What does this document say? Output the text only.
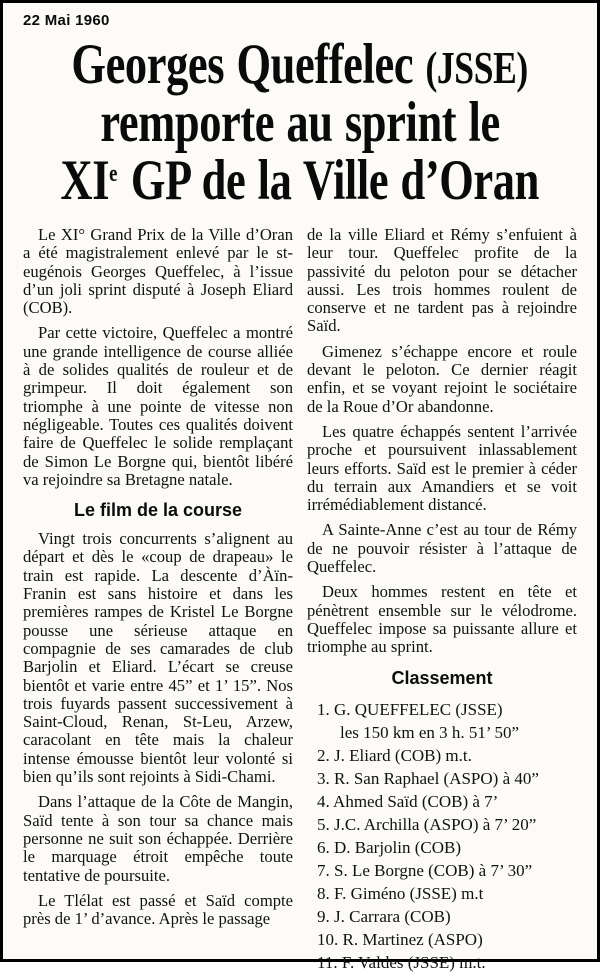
22 Mai 1960
Georges Queffelec (JSSE)
remporte au sprint le
XIe GP de la Ville d’Oran

Le XI° Grand Prix de la Ville d’Oran a été magistralement enlevé par le st-eugénois Georges Queffelec, à l’issue d’un joli sprint disputé à Joseph Eliard (COB).

Par cette victoire, Queffelec a montré une grande intelligence de course alliée à de solides qualités de rouleur et de grimpeur. Il doit également son triomphe à une pointe de vitesse non négligeable. Toutes ces qualités doivent faire de Queffelec le solide remplaçant de Simon Le Borgne qui, bientôt libéré va rejoindre sa Bretagne natale.

Le film de la course

Vingt trois concurrents s’alignent au départ et dès le «coup de drapeau» le train est rapide. La descente d’Àïn-Franin est sans histoire et dans les premières rampes de Kristel Le Borgne pousse une sérieuse attaque en compagnie de ses camarades de club Barjolin et Eliard. L’écart se creuse bientôt et varie entre 45” et 1’ 15”. Nos trois fuyards passent successivement à Saint-Cloud, Renan, St-Leu, Arzew, caracolant en tête mais la chaleur intense émousse bientôt leur volonté si bien qu’ils sont rejoints à Sidi-Chami.

Dans l’attaque de la Côte de Mangin, Saïd tente à son tour sa chance mais personne ne suit son échappée. Derrière le marquage étroit empêche toute tentative de poursuite.

Le Tlélat est passé et Saïd compte près de 1’ d’avance. Après le passage

de la ville Eliard et Rémy s’enfuient à leur tour. Queffelec profite de la passivité du peloton pour se détacher aussi. Les trois hommes roulent de conserve et ne tardent pas à rejoindre Saïd.

Gimenez s’échappe encore et roule devant le peloton. Ce dernier réagit enfin, et se voyant rejoint le sociétaire de la Roue d’Or abandonne.

Les quatre échappés sentent l’arrivée proche et poursuivent inlassablement leurs efforts. Saïd est le premier à céder du terrain aux Amandiers et se voit irrémédiablement distancé.

A Sainte-Anne c’est au tour de Rémy de ne pouvoir résister à l’attaque de Queffelec.

Deux hommes restent en tête et pénètrent ensemble sur le vélodrome. Queffelec impose sa puissante allure et triomphe au sprint.

Classement
1. G. QUEFFELEC (JSSE)
les 150 km en 3 h. 51’ 50”
2. J. Eliard (COB) m.t.
3. R. San Raphael (ASPO) à 40”
4. Ahmed Saïd (COB) à 7’
5. J.C. Archilla (ASPO) à 7’ 20”
6. D. Barjolin (COB)
7. S. Le Borgne (COB) à 7’ 30”
8. F. Giméno (JSSE) m.t
9. J. Carrara (COB)
10. R. Martinez (ASPO)
11. F. Valdes (JSSE) m.t.
